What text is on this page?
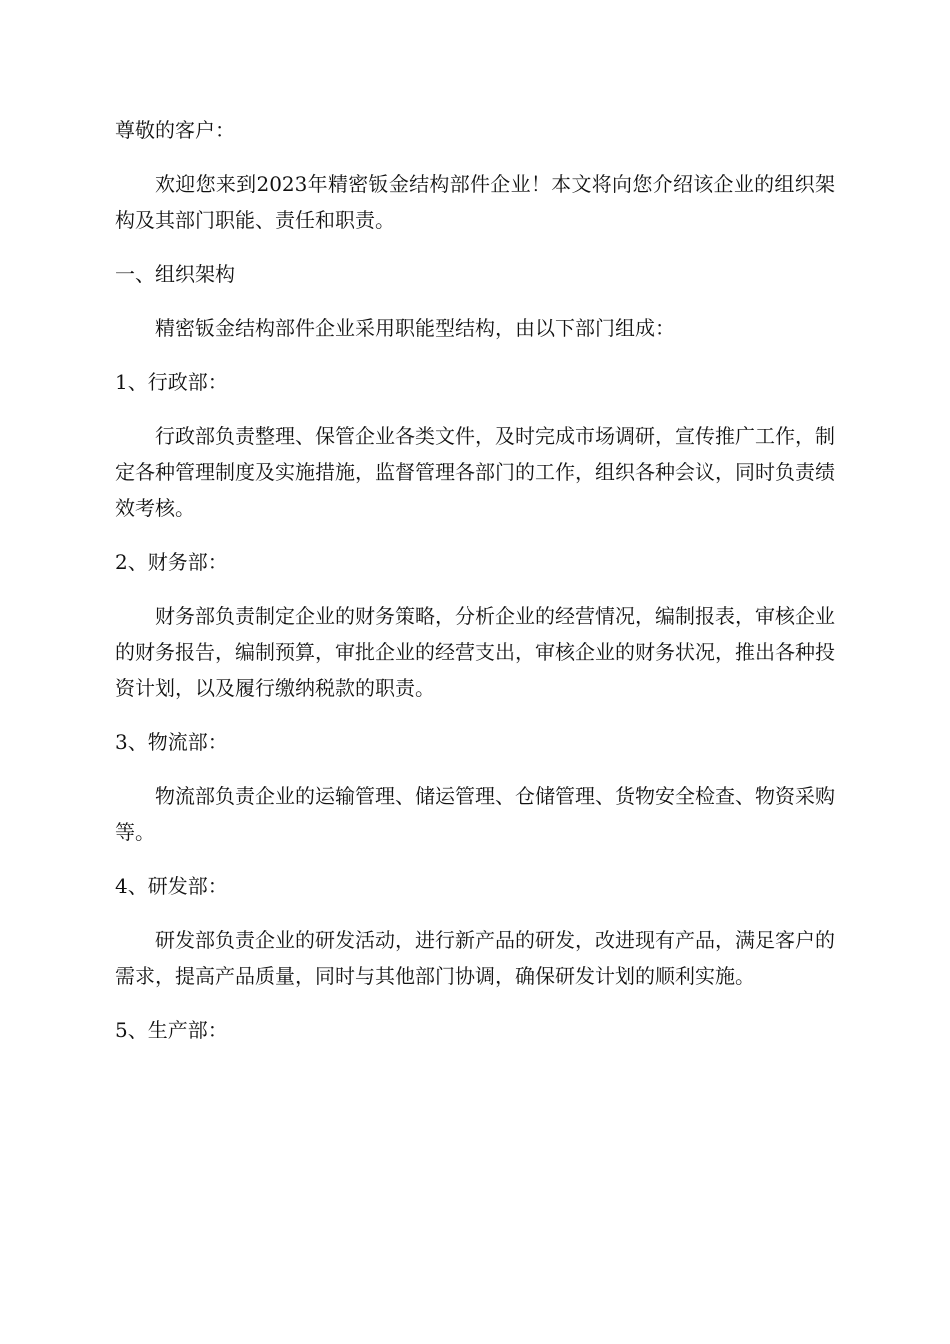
尊敬的客户：

欢迎您来到2023年精密钣金结构部件企业！本文将向您介绍该企业的组织架构及其部门职能、责任和职责。

一、组织架构

精密钣金结构部件企业采用职能型结构，由以下部门组成：

1、行政部：

行政部负责整理、保管企业各类文件，及时完成市场调研，宣传推广工作，制定各种管理制度及实施措施，监督管理各部门的工作，组织各种会议，同时负责绩效考核。

2、财务部：

财务部负责制定企业的财务策略，分析企业的经营情况，编制报表，审核企业的财务报告，编制预算，审批企业的经营支出，审核企业的财务状况，推出各种投资计划，以及履行缴纳税款的职责。

3、物流部：

物流部负责企业的运输管理、储运管理、仓储管理、货物安全检查、物资采购等。

4、研发部：

研发部负责企业的研发活动，进行新产品的研发，改进现有产品，满足客户的需求，提高产品质量，同时与其他部门协调，确保研发计划的顺利实施。

5、生产部：
